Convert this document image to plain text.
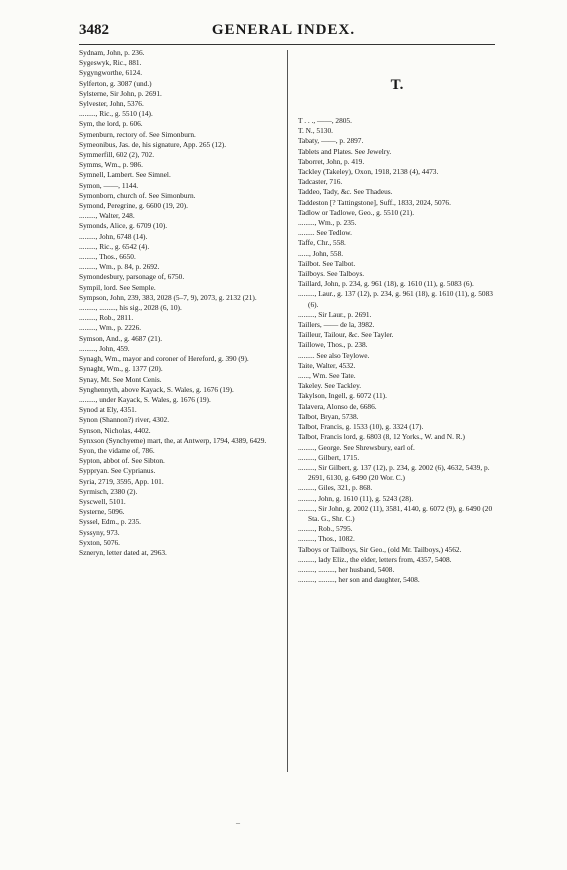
GENERAL INDEX.
3482

Sydnam, John, p. 236.

Sygeswyk, Ric., 881.

Sygyngworthe, 6124.

Sylferton, g. 3087 (und.)

Sylsterne, Sir John, p. 2691.

Sylvester, John, 5376.

........., Ric., g. 5510 (14).

Sym, the lord, p. 606.

Symenburn, rectory of. See Simonburn.

Symeonibus, Jas. de, his signature, App. 265 (12).

Symmerfill, 602 (2), 702.

Symms, Wm., p. 986.

Symnell, Lambert. See Simnel.

Symon, ——, 1144.

Symonborn, church of. See Simonburn.

Symond, Peregrine, g. 6600 (19, 20).

........., Walter, 248.

Symonds, Alice, g. 6709 (10).

........., John, 6748 (14).

........., Ric., g. 6542 (4).

........., Thos., 6650.

........., Wm., p. 84, p. 2692.

Symondesbury, parsonage of, 6750.

Sympil, lord. See Semple.

Sympson, John, 239, 383, 2028 (5–7, 9), 2073, g. 2132 (21).

........., ........., his sig., 2028 (6, 10).

........., Rob., 2811.

........., Wm., p. 2226.

Symson, And., g. 4687 (21).

........., John, 459.

Synagh, Wm., mayor and coroner of Hereford, g. 390 (9).

Synaght, Wm., g. 1377 (20).

Synay, Mt. See Mont Cenis.

Synghennyth, above Kayack, S. Wales, g. 1676 (19).

........., under Kayack, S. Wales, g. 1676 (19).

Synod at Ely, 4351.

Synon (Shannon?) river, 4302.

Synson, Nicholas, 4402.

Synxson (Synchyeme) mart, the, at Antwerp, 1794, 4389, 6429.

Syon, the vidame of, 786.

Sypton, abbot of. See Sibton.

Syppryan. See Cyprianus.

Syria, 2719, 3595, App. 101.

Syrmisch, 2380 (2).

Syscwell, 5101.

Systerne, 5096.

Syssel, Edm., p. 235.

Syssyny, 973.

Syxton, 5076.

Szneryn, letter dated at, 2963.

T.

T . . ., ——, 2805.

T. N., 5130.

Tabaty, ——, p. 2897.

Tablets and Plates. See Jewelry.

Taborret, John, p. 419.

Tackley (Takeley), Oxon, 1918, 2138 (4), 4473.

Tadcaster, 716.

Taddeo, Tady, &c. See Thadeus.

Taddeston [? Tattingstone], Suff., 1833, 2024, 5076.

Tadlow or Tadlowe, Geo., g. 5510 (21).

........., Wm., p. 235.

......... See Tedlow.

Taffe, Chr., 558.

......, John, 558.

Tailbot. See Talbot.

Tailboys. See Talboys.

Taillard, John, p. 234, g. 961 (18), g. 1610 (11), g. 5083 (6).

........., Laur., g. 137 (12), p. 234, g. 961 (18), g. 1610 (11), g. 5083 (6).

........., Sir Laur., p. 2691.

Taillers, —— de la, 3982.

Tailleur, Tailour, &c. See Tayler.

Taillowe, Thos., p. 238.

......... See also Teylowe.

Taite, Walter, 4532.

......, Wm. See Tate.

Takeley. See Tackley.

Takylson, Ingell, g. 6072 (11).

Talavera, Alonso de, 6686.

Talbot, Bryan, 5738.

Talbot, Francis, g. 1533 (10), g. 3324 (17).

Talbot, Francis lord, g. 6803 (8, 12 Yorks., W. and N. R.)

........., George. See Shrewsbury, earl of.

........., Gilbert, 1715.

........., Sir Gilbert, g. 137 (12), p. 234, g. 2002 (6), 4632, 5439, p. 2691, 6130, g. 6490 (20 Wor. C.)

........., Giles, 321, p. 868.

........., John, g. 1610 (11), g. 5243 (28).

........., Sir John, g. 2002 (11), 3581, 4140, g. 6072 (9), g. 6490 (20 Sta. G., Shr. C.)

........., Rob., 5795.

........., Thos., 1082.

Talboys or Tailboys, Sir Geo., (old Mr. Tailboys,) 4562.

........., lady Eliz., the elder, letters from, 4357, 5408.

........., ........., her husband, 5408.

........., ........., her son and daughter, 5408.

–
